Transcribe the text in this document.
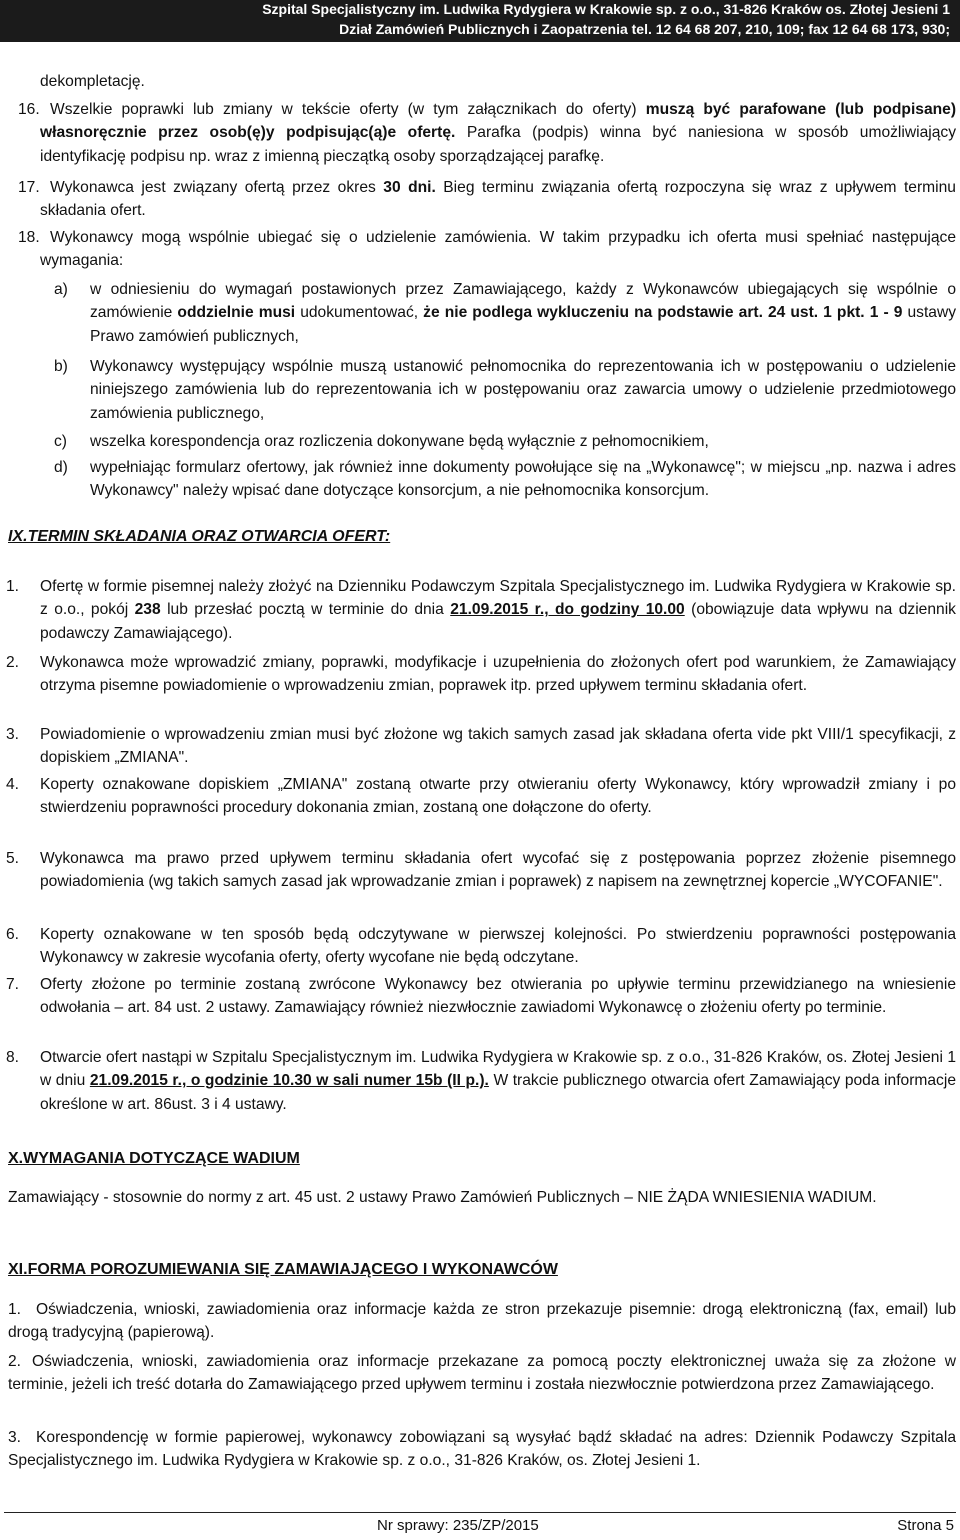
Szpital Specjalistyczny im. Ludwika Rydygiera w Krakowie sp. z o.o., 31-826 Kraków os. Złotej Jesieni 1
Dział Zamówień Publicznych i Zaopatrzenia tel. 12 64 68 207, 210, 109; fax 12 64 68 173, 930;
dekompletację.
16. Wszelkie poprawki lub zmiany w tekście oferty (w tym załącznikach do oferty) muszą być parafowane (lub podpisane) własnoręcznie przez osob(ę)y podpisując(ą)e ofertę. Parafka (podpis) winna być naniesiona w sposób umożliwiający identyfikację podpisu np. wraz z imienną pieczątką osoby sporządzającej parafkę.
17. Wykonawca jest związany ofertą przez okres 30 dni. Bieg terminu związania ofertą rozpoczyna się wraz z upływem terminu składania ofert.
18. Wykonawcy mogą wspólnie ubiegać się o udzielenie zamówienia. W takim przypadku ich oferta musi spełniać następujące wymagania:
a) w odniesieniu do wymagań postawionych przez Zamawiającego, każdy z Wykonawców ubiegających się wspólnie o zamówienie oddzielnie musi udokumentować, że nie podlega wykluczeniu na podstawie art. 24 ust. 1 pkt. 1 - 9 ustawy Prawo zamówień publicznych,
b) Wykonawcy występujący wspólnie muszą ustanowić pełnomocnika do reprezentowania ich w postępowaniu o udzielenie niniejszego zamówienia lub do reprezentowania ich w postępowaniu oraz zawarcia umowy o udzielenie przedmiotowego zamówienia publicznego,
c) wszelka korespondencja oraz rozliczenia dokonywane będą wyłącznie z pełnomocnikiem,
d) wypełniając formularz ofertowy, jak również inne dokumenty powołujące się na „Wykonawcę"; w miejscu „np. nazwa i adres Wykonawcy" należy wpisać dane dotyczące konsorcjum, a nie pełnomocnika konsorcjum.
IX.TERMIN SKŁADANIA ORAZ OTWARCIA OFERT:
1. Ofertę w formie pisemnej należy złożyć na Dzienniku Podawczym Szpitala Specjalistycznego im. Ludwika Rydygiera w Krakowie sp. z o.o., pokój 238 lub przesłać pocztą w terminie do dnia 21.09.2015 r., do godziny 10.00 (obowiązuje data wpływu na dziennik podawczy Zamawiającego).
2. Wykonawca może wprowadzić zmiany, poprawki, modyfikacje i uzupełnienia do złożonych ofert pod warunkiem, że Zamawiający otrzyma pisemne powiadomienie o wprowadzeniu zmian, poprawek itp. przed upływem terminu składania ofert.
3. Powiadomienie o wprowadzeniu zmian musi być złożone wg takich samych zasad jak składana oferta vide pkt VIII/1 specyfikacji, z dopiskiem „ZMIANA".
4. Koperty oznakowane dopiskiem „ZMIANA" zostaną otwarte przy otwieraniu oferty Wykonawcy, który wprowadził zmiany i po stwierdzeniu poprawności procedury dokonania zmian, zostaną one dołączone do oferty.
5. Wykonawca ma prawo przed upływem terminu składania ofert wycofać się z postępowania poprzez złożenie pisemnego powiadomienia (wg takich samych zasad jak wprowadzanie zmian i poprawek) z napisem na zewnętrznej kopercie „WYCOFANIE".
6. Koperty oznakowane w ten sposób będą odczytywane w pierwszej kolejności. Po stwierdzeniu poprawności postępowania Wykonawcy w zakresie wycofania oferty, oferty wycofane nie będą odczytane.
7. Oferty złożone po terminie zostaną zwrócone Wykonawcy bez otwierania po upływie terminu przewidzianego na wniesienie odwołania – art. 84 ust. 2 ustawy. Zamawiający również niezwłocznie zawiadomi Wykonawcę o złożeniu oferty po terminie.
8. Otwarcie ofert nastąpi w Szpitalu Specjalistycznym im. Ludwika Rydygiera w Krakowie sp. z o.o., 31-826 Kraków, os. Złotej Jesieni 1 w dniu 21.09.2015 r., o godzinie 10.30 w sali numer 15b (II p.). W trakcie publicznego otwarcia ofert Zamawiający poda informacje określone w art. 86ust. 3 i 4 ustawy.
X.WYMAGANIA DOTYCZĄCE WADIUM
Zamawiający - stosownie do normy z art. 45 ust. 2 ustawy Prawo Zamówień Publicznych – NIE ŻĄDA WNIESIENIA WADIUM.
XI.FORMA POROZUMIEWANIA SIĘ ZAMAWIAJĄCEGO I WYKONAWCÓW
1. Oświadczenia, wnioski, zawiadomienia oraz informacje każda ze stron przekazuje pisemnie: drogą elektroniczną (fax, email) lub drogą tradycyjną (papierową).
2. Oświadczenia, wnioski, zawiadomienia oraz informacje przekazane za pomocą poczty elektronicznej uważa się za złożone w terminie, jeżeli ich treść dotarła do Zamawiającego przed upływem terminu i została niezwłocznie potwierdzona przez Zamawiającego.
3. Korespondencję w formie papierowej, wykonawcy zobowiązani są wysyłać bądź składać na adres: Dziennik Podawczy Szpitala Specjalistycznego im. Ludwika Rydygiera w Krakowie sp. z o.o., 31-826 Kraków, os. Złotej Jesieni 1.
Nr sprawy: 235/ZP/2015	Strona 5
